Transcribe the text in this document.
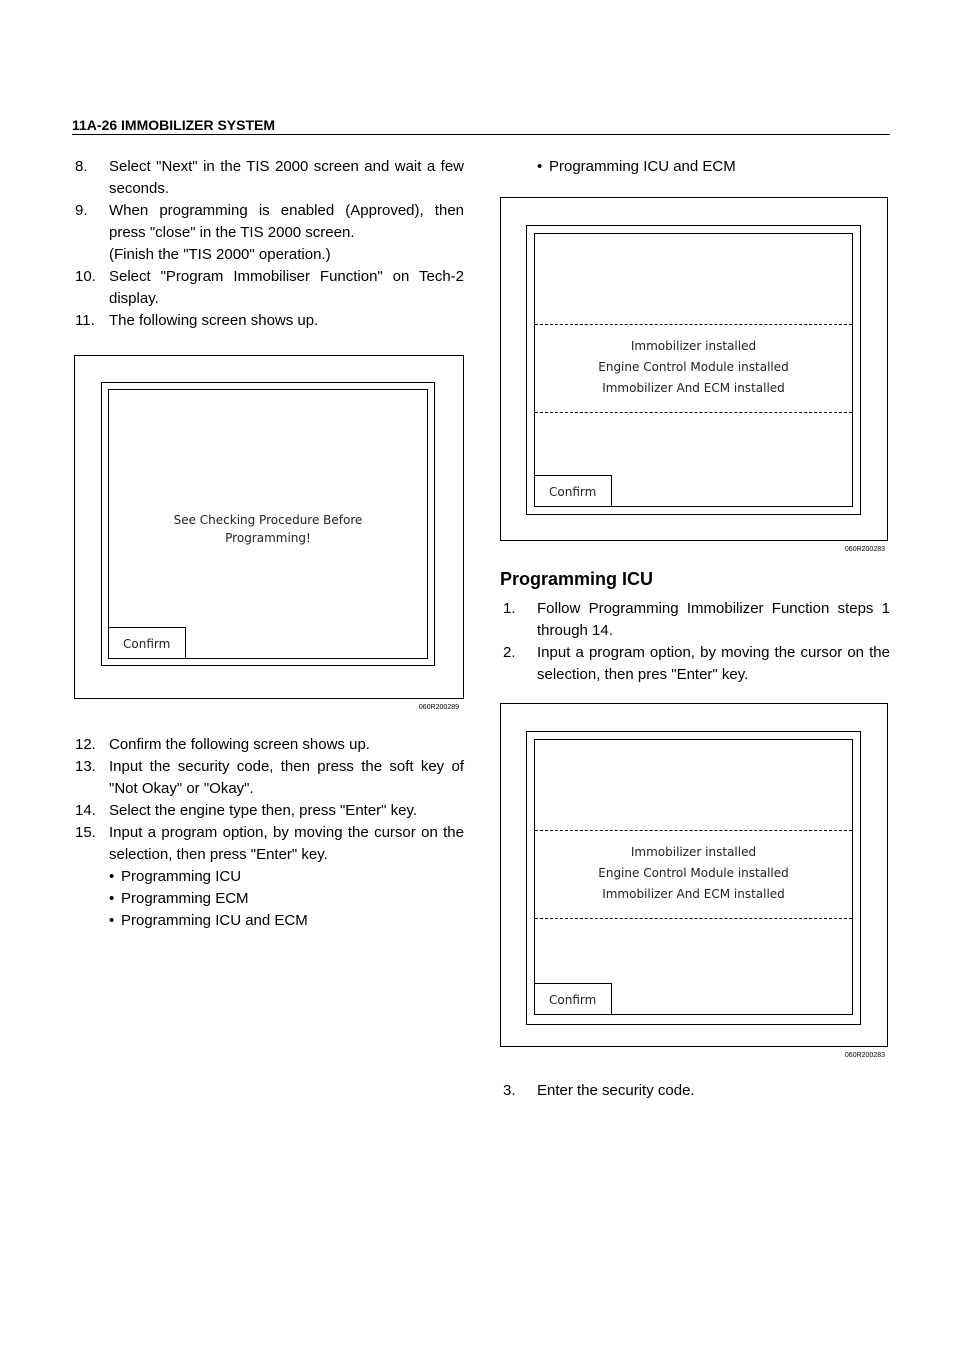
11A-26 IMMOBILIZER SYSTEM
8. Select "Next" in the TIS 2000 screen and wait a few seconds.
9. When programming is enabled (Approved), then press "close" in the TIS 2000 screen.
(Finish the "TIS 2000" operation.)
10. Select "Program Immobiliser Function" on Tech-2 display.
11. The following screen shows up.
See Checking Procedure Before
Programming!
Confirm
060R200289
12. Confirm the following screen shows up.
13. Input the security code, then press the soft key of "Not Okay" or "Okay".
14. Select the engine type then, press "Enter" key.
15. Input a program option, by moving the cursor on the selection, then press "Enter" key.
• Programming ICU
• Programming ECM
• Programming ICU and ECM
• Programming ICU and ECM
Immobilizer installed
Engine Control Module installed
Immobilizer And ECM installed
Confirm
060R200283
Programming ICU
1. Follow Programming Immobilizer Function steps 1 through 14.
2. Input a program option, by moving the cursor on the selection, then pres "Enter" key.
Immobilizer installed
Engine Control Module installed
Immobilizer And ECM installed
Confirm
060R200283
3. Enter the security code.
